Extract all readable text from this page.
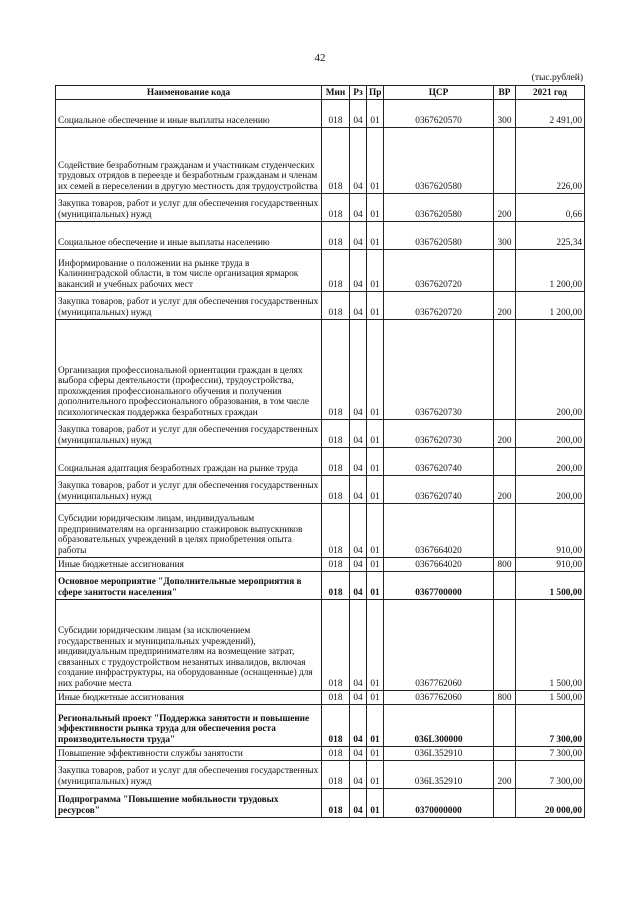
42
(тыс.рублей)
Наименование кода	Мин	Рз	Пр	ЦСР	ВР	2021 год
Социальное обеспечение и иные выплаты населению	018	04	01	0367620570	300	2 491,00
Содействие безработным гражданам и участникам студенческих трудовых отрядов в переезде и безработным гражданам и членам их семей в переселении в другую местность для трудоустройства	018	04	01	0367620580		226,00
Закупка товаров, работ и услуг для обеспечения государственных (муниципальных) нужд	018	04	01	0367620580	200	0,66
Социальное обеспечение и иные выплаты населению	018	04	01	0367620580	300	225,34
Информирование о положении на рынке труда в Калининградской области, в том числе организация ярмарок вакансий и учебных рабочих мест	018	04	01	0367620720		1 200,00
Закупка товаров, работ и услуг для обеспечения государственных (муниципальных) нужд	018	04	01	0367620720	200	1 200,00
Организация профессиональной ориентации граждан в целях выбора сферы деятельности (профессии), трудоустройства, прохождения профессионального обучения и получения дополнительного профессионального образования, в том числе психологическая поддержка безработных граждан	018	04	01	0367620730		200,00
Закупка товаров, работ и услуг для обеспечения государственных (муниципальных) нужд	018	04	01	0367620730	200	200,00
Социальная адаптация безработных граждан на рынке труда	018	04	01	0367620740		200,00
Закупка товаров, работ и услуг для обеспечения государственных (муниципальных) нужд	018	04	01	0367620740	200	200,00
Субсидии юридическим лицам, индивидуальным предпринимателям на организацию стажировок выпускников образовательных учреждений в целях приобретения опыта работы	018	04	01	0367664020		910,00
Иные бюджетные ассигнования	018	04	01	0367664020	800	910,00
Основное мероприятие "Дополнительные мероприятия в сфере занятости населения"	018	04	01	0367700000		1 500,00
Субсидии юридическим лицам (за исключением государственных и муниципальных учреждений), индивидуальным предпринимателям на возмещение затрат, связанных с трудоустройством незанятых инвалидов, включая создание инфраструктуры, на оборудованные (оснащенные) для них рабочие места	018	04	01	0367762060		1 500,00
Иные бюджетные ассигнования	018	04	01	0367762060	800	1 500,00
Региональный проект "Поддержка занятости и повышение эффективности рынка труда для обеспечения роста производительности труда"	018	04	01	036L300000		7 300,00
Повышение эффективности службы занятости	018	04	01	036L352910		7 300,00
Закупка товаров, работ и услуг для обеспечения государственных (муниципальных) нужд	018	04	01	036L352910	200	7 300,00
Подпрограмма "Повышение мобильности трудовых ресурсов"	018	04	01	0370000000		20 000,00
